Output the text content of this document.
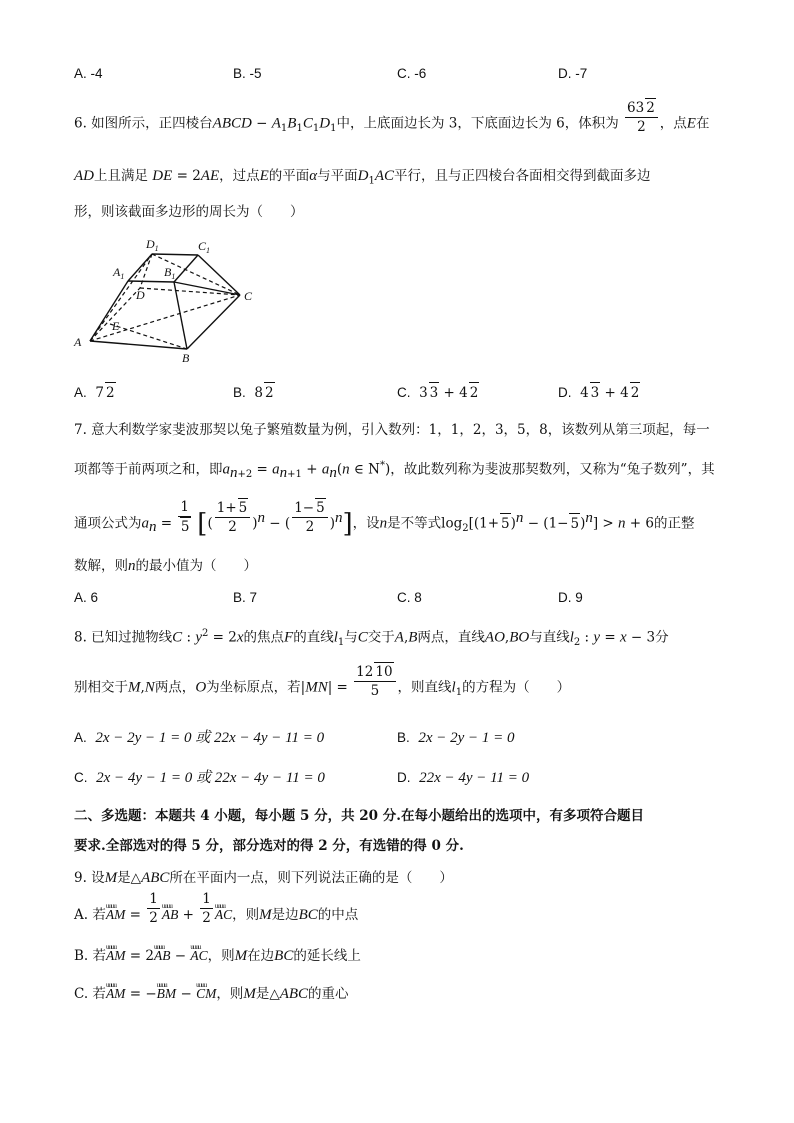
A. -4	B. -5	C. -6	D. -7
6. 如图所示，正四棱台ABCD − $A_1B_1C_1D_1$中，上底面边长为 3，下底面边长为 6，体积为 $\frac{63 2}{2}$ ，点E在
AD上且满足 DE = 2AE，过点E的平面α与平面$D_1AC$平行，且与正四棱台各面相交得到截面多边
形，则该截面多边形的周长为（　　）
$D_1$	$C_1$
$A_1$	$B_1$
D	C
E
A
B
A.  7 2	B.  8 2	C.  3 3 + 4 2	D.  4 3 + 4 2
7. 意大利数学家斐波那契以兔子繁殖数量为例，引入数列：1，1，2，3，5，8，该数列从第三项起，每一
项都等于前两项之和，即$a_{n+2} = a_{n+1} + a_n(n$ ∈ N*)，故此数列称为斐波那契数列，又称为“兔子数列”，其
通项公式为$a_n = \frac{1}{5}$ [( $\frac{1+ 5}{2} )^n$ − ( $\frac{1- 5}{2} )^n$]，设n是不等式$\log_2[(1+ 5)^n - (1- 5)^n] > n + 6$的正整
数解，则n的最小值为（　　）
A. 6	B. 7	C. 8	D. 9
8. 已知过抛物线C : $y^2 = 2x$的焦点F的直线$l_1$与C交于A,B两点，直线AO,BO与直线$l_2$ : y = x − 3分
别相交于M,N两点，O为坐标原点，若$|MN| = \frac{12 10}{5}$ ，则直线$l_1$的方程为（　　）
A. 2x − 2y − 1 = 0 或 22x − 4y − 11 = 0	B. 2x − 2y − 1 = 0
C. 2x − 4y − 1 = 0 或 22x − 4y − 11 = 0	D. 22x − 4y − 11 = 0
二、多选题：本题共 4 小题，每小题 5 分，共 20 分.在每小题给出的选项中，有多项符合题目
要求.全部选对的得 5 分，部分选对的得 2 分，有选错的得 0 分.
9. 设M是△ABC所在平面内一点，则下列说法正确的是（　　）
A. 若uuuu AM = $\frac{1}{2}$ uuuu AB + $\frac{1}{2}$ uuuu AC，则M是边BC的中点
B. 若uuuu AM = 2uuuu AB − uuuu AC，则M在边BC的延长线上
C. 若uuuu AM = −uuuu BM − uuuu CM，则M是△ABC的重心
